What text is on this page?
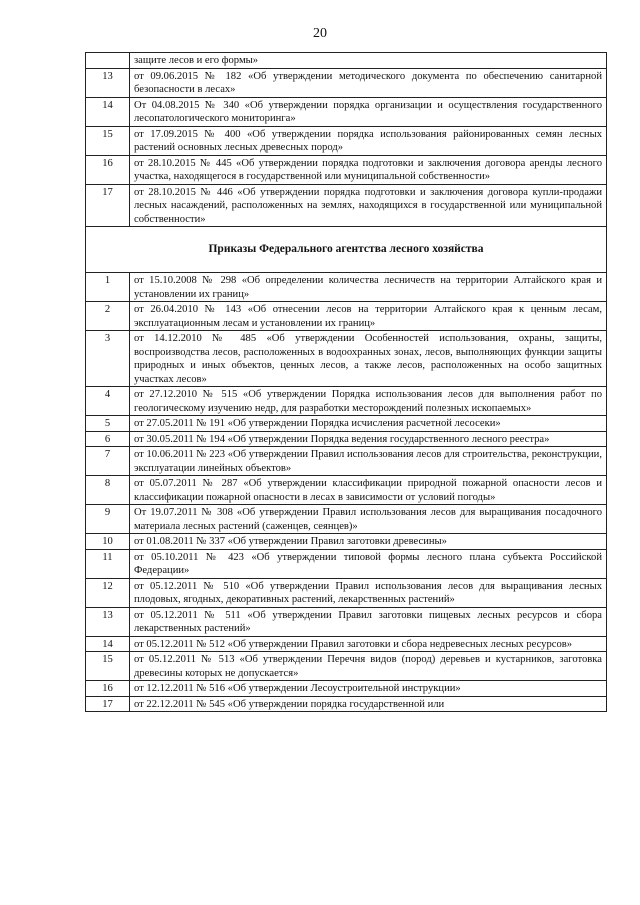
20
	защите лесов и его формы»
13	от 09.06.2015 № 182 «Об утверждении методического документа по обеспечению санитарной безопасности в лесах»
14	От 04.08.2015 № 340 «Об утверждении порядка организации и осуществления государственного лесопатологического мониторинга»
15	от 17.09.2015 № 400 «Об утверждении порядка использования районированных семян лесных растений основных лесных древесных пород»
16	от 28.10.2015 № 445 «Об утверждении порядка подготовки и заключения договора аренды лесного участка, находящегося в государственной или муниципальной собственности»
17	от 28.10.2015 № 446 «Об утверждении порядка подготовки и заключения договора купли-продажи лесных насаждений, расположенных на землях, находящихся в государственной или муниципальной собственности»
Приказы Федерального агентства лесного хозяйства	
1	от 15.10.2008 № 298 «Об определении количества лесничеств на территории Алтайского края и установлении их границ»
2	от 26.04.2010 № 143 «Об отнесении лесов на территории Алтайского края к ценным лесам, эксплуатационным лесам и установлении их границ»
3	от 14.12.2010 № 485 «Об утверждении Особенностей использования, охраны, защиты, воспроизводства лесов, расположенных в водоохранных зонах, лесов, выполняющих функции защиты природных и иных объектов, ценных лесов, а также лесов, расположенных на особо защитных участках лесов»
4	от 27.12.2010 № 515 «Об утверждении Порядка использования лесов для выполнения работ по геологическому изучению недр, для разработки месторождений полезных ископаемых»
5	от 27.05.2011 № 191 «Об утверждении Порядка исчисления расчетной лесосеки»
6	от 30.05.2011 № 194 «Об утверждении Порядка ведения государственного лесного реестра»
7	от 10.06.2011 № 223 «Об утверждении Правил использования лесов для строительства, реконструкции, эксплуатации линейных объектов»
8	от 05.07.2011 № 287 «Об утверждении классификации природной пожарной опасности лесов и классификации пожарной опасности в лесах в зависимости от условий погоды»
9	От 19.07.2011 № 308 «Об утверждении Правил использования лесов для выращивания посадочного материала лесных растений (саженцев, сеянцев)»
10	от 01.08.2011 № 337 «Об утверждении Правил заготовки древесины»
11	от 05.10.2011 № 423 «Об утверждении типовой формы лесного плана субъекта Российской Федерации»
12	от 05.12.2011 № 510 «Об утверждении Правил использования лесов для выращивания лесных плодовых, ягодных, декоративных растений, лекарственных растений»
13	от 05.12.2011 № 511 «Об утверждении Правил заготовки пищевых лесных ресурсов и сбора лекарственных растений»
14	от 05.12.2011 № 512 «Об утверждении Правил заготовки и сбора недревесных лесных ресурсов»
15	от 05.12.2011 № 513 «Об утверждении Перечня видов (пород) деревьев и кустарников, заготовка древесины которых не допускается»
16	от 12.12.2011 № 516 «Об утверждении Лесоустроительной инструкции»
17	от 22.12.2011 № 545 «Об утверждении порядка государственной или
